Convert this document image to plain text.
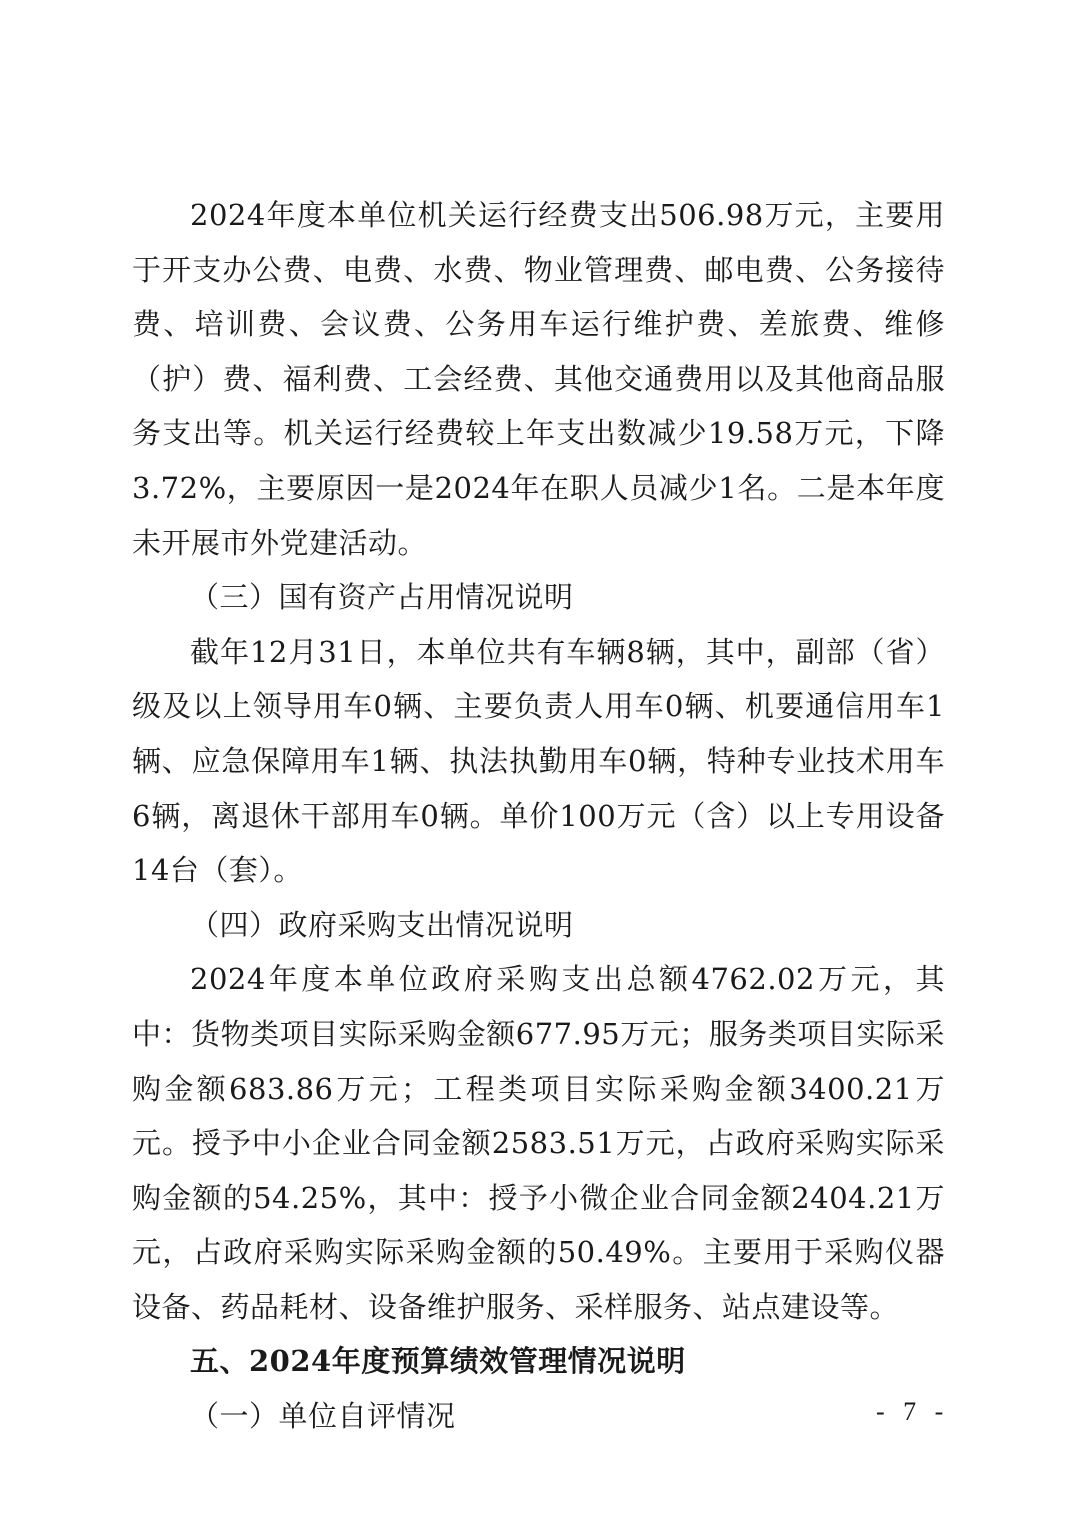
2024年度本单位机关运行经费支出506.98万元，主要用于开支办公费、电费、水费、物业管理费、邮电费、公务接待费、培训费、会议费、公务用车运行维护费、差旅费、维修（护）费、福利费、工会经费、其他交通费用以及其他商品服务支出等。机关运行经费较上年支出数减少19.58万元，下降3.72%，主要原因一是2024年在职人员减少1名。二是本年度未开展市外党建活动。

（三）国有资产占用情况说明

截年12月31日，本单位共有车辆8辆，其中，副部（省）级及以上领导用车0辆、主要负责人用车0辆、机要通信用车1辆、应急保障用车1辆、执法执勤用车0辆，特种专业技术用车6辆，离退休干部用车0辆。单价100万元（含）以上专用设备14台（套）。

（四）政府采购支出情况说明

2024年度本单位政府采购支出总额4762.02万元，其中：货物类项目实际采购金额677.95万元；服务类项目实际采购金额683.86万元；工程类项目实际采购金额3400.21万元。授予中小企业合同金额2583.51万元，占政府采购实际采购金额的54.25%，其中：授予小微企业合同金额2404.21万元，占政府采购实际采购金额的50.49%。主要用于采购仪器设备、药品耗材、设备维护服务、采样服务、站点建设等。

五、2024年度预算绩效管理情况说明

（一）单位自评情况	- 7 -
